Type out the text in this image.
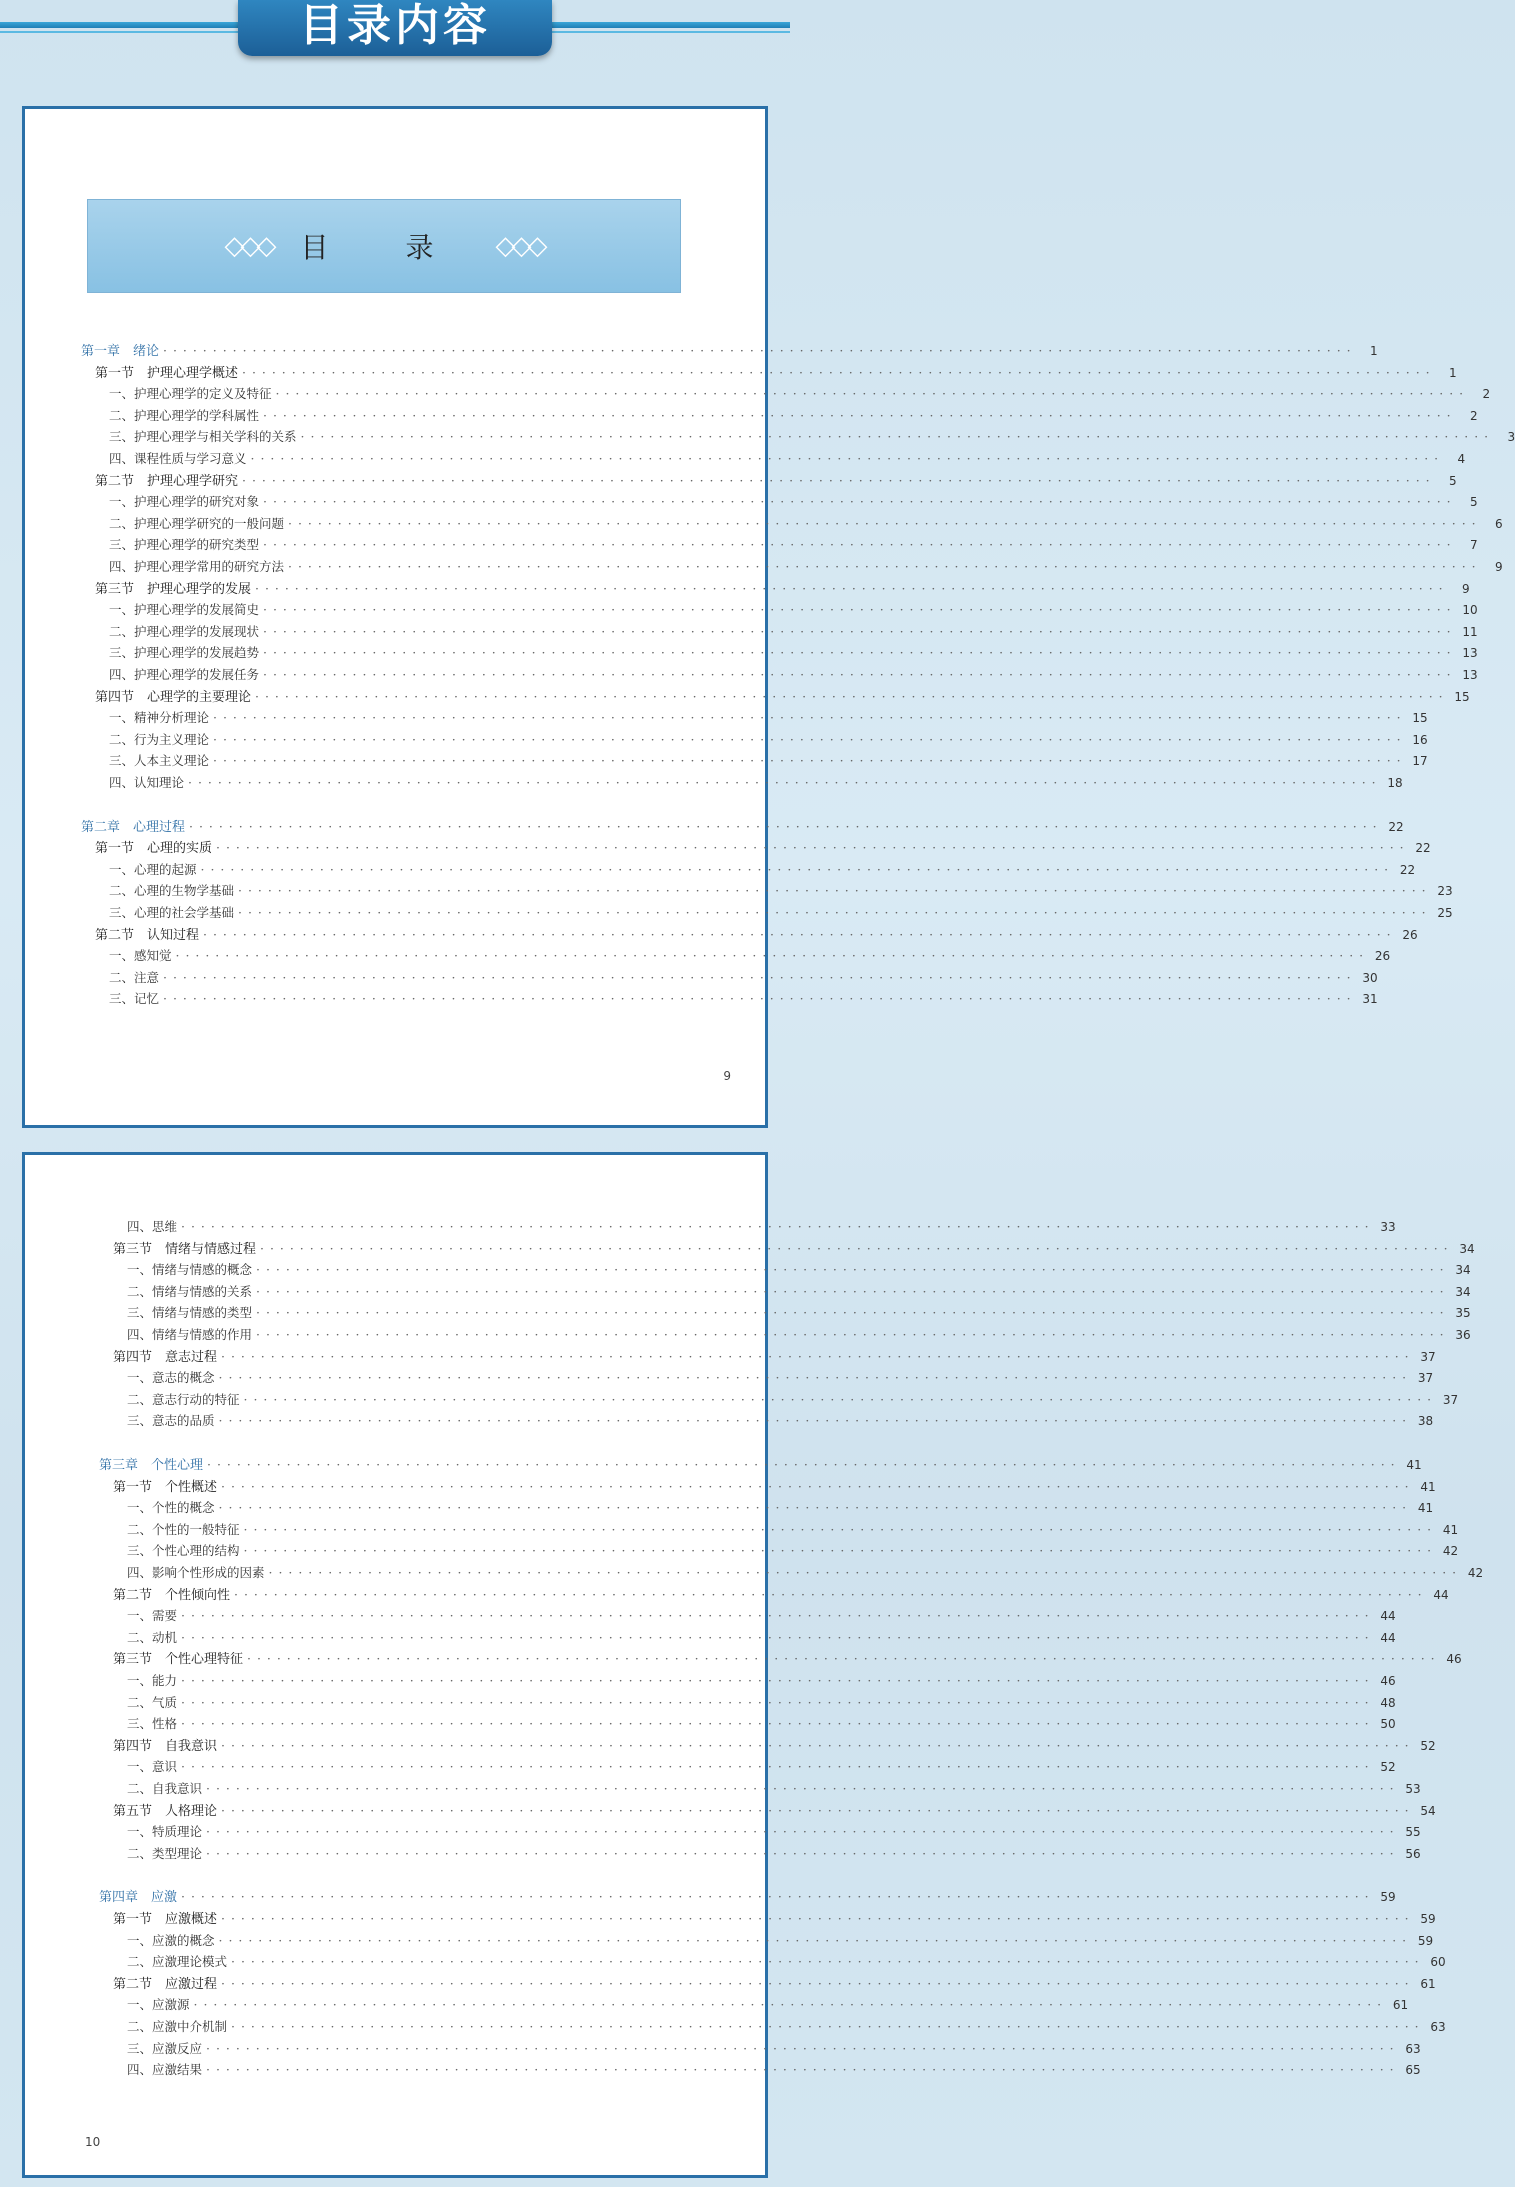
目录内容
◇◇◇ 目 录 ◇◇◇
第一章　绪论 · · · · · · · · · · · · · · · · · · · · · · · · · · · · · · · · · · · · · · · · · · · · · · · · · · · · · · · · · · · · · · · · · · · · · · · · · · · · · · · · · · · · · · · · · · · · · · · · · · · · · · · · · · · · · · · · · · · · · · · ·	1
第一节　护理心理学概述 · · · · · · · · · · · · · · · · · · · · · · · · · · · · · · · · · · · · · · · · · · · · · · · · · · · · · · · · · · · · · · · · · · · · · · · · · · · · · · · · · · · · · · · · · · · · · · · · · · · · · · · · · · · · · · · · · · · · · · · ·	1
一、护理心理学的定义及特征 · · · · · · · · · · · · · · · · · · · · · · · · · · · · · · · · · · · · · · · · · · · · · · · · · · · · · · · · · · · · · · · · · · · · · · · · · · · · · · · · · · · · · · · · · · · · · · · · · · · · · · · · · · · · · · · · · · · · · · · ·	2
二、护理心理学的学科属性 · · · · · · · · · · · · · · · · · · · · · · · · · · · · · · · · · · · · · · · · · · · · · · · · · · · · · · · · · · · · · · · · · · · · · · · · · · · · · · · · · · · · · · · · · · · · · · · · · · · · · · · · · · · · · · · · · · · · · · · ·	2
三、护理心理学与相关学科的关系 · · · · · · · · · · · · · · · · · · · · · · · · · · · · · · · · · · · · · · · · · · · · · · · · · · · · · · · · · · · · · · · · · · · · · · · · · · · · · · · · · · · · · · · · · · · · · · · · · · · · · · · · · · · · · · · · · · · · · · · ·	3
四、课程性质与学习意义 · · · · · · · · · · · · · · · · · · · · · · · · · · · · · · · · · · · · · · · · · · · · · · · · · · · · · · · · · · · · · · · · · · · · · · · · · · · · · · · · · · · · · · · · · · · · · · · · · · · · · · · · · · · · · · · · · · · · · · · ·	4
第二节　护理心理学研究 · · · · · · · · · · · · · · · · · · · · · · · · · · · · · · · · · · · · · · · · · · · · · · · · · · · · · · · · · · · · · · · · · · · · · · · · · · · · · · · · · · · · · · · · · · · · · · · · · · · · · · · · · · · · · · · · · · · · · · · ·	5
一、护理心理学的研究对象 · · · · · · · · · · · · · · · · · · · · · · · · · · · · · · · · · · · · · · · · · · · · · · · · · · · · · · · · · · · · · · · · · · · · · · · · · · · · · · · · · · · · · · · · · · · · · · · · · · · · · · · · · · · · · · · · · · · · · · · ·	5
二、护理心理学研究的一般问题 · · · · · · · · · · · · · · · · · · · · · · · · · · · · · · · · · · · · · · · · · · · · · · · · · · · · · · · · · · · · · · · · · · · · · · · · · · · · · · · · · · · · · · · · · · · · · · · · · · · · · · · · · · · · · · · · · · · · · · · ·	6
三、护理心理学的研究类型 · · · · · · · · · · · · · · · · · · · · · · · · · · · · · · · · · · · · · · · · · · · · · · · · · · · · · · · · · · · · · · · · · · · · · · · · · · · · · · · · · · · · · · · · · · · · · · · · · · · · · · · · · · · · · · · · · · · · · · · ·	7
四、护理心理学常用的研究方法 · · · · · · · · · · · · · · · · · · · · · · · · · · · · · · · · · · · · · · · · · · · · · · · · · · · · · · · · · · · · · · · · · · · · · · · · · · · · · · · · · · · · · · · · · · · · · · · · · · · · · · · · · · · · · · · · · · · · · · · ·	9
第三节　护理心理学的发展 · · · · · · · · · · · · · · · · · · · · · · · · · · · · · · · · · · · · · · · · · · · · · · · · · · · · · · · · · · · · · · · · · · · · · · · · · · · · · · · · · · · · · · · · · · · · · · · · · · · · · · · · · · · · · · · · · · · · · · · ·	9
一、护理心理学的发展简史 · · · · · · · · · · · · · · · · · · · · · · · · · · · · · · · · · · · · · · · · · · · · · · · · · · · · · · · · · · · · · · · · · · · · · · · · · · · · · · · · · · · · · · · · · · · · · · · · · · · · · · · · · · · · · · · · · · · · · · · · 10
二、护理心理学的发展现状 · · · · · · · · · · · · · · · · · · · · · · · · · · · · · · · · · · · · · · · · · · · · · · · · · · · · · · · · · · · · · · · · · · · · · · · · · · · · · · · · · · · · · · · · · · · · · · · · · · · · · · · · · · · · · · · · · · · · · · · · 11
三、护理心理学的发展趋势 · · · · · · · · · · · · · · · · · · · · · · · · · · · · · · · · · · · · · · · · · · · · · · · · · · · · · · · · · · · · · · · · · · · · · · · · · · · · · · · · · · · · · · · · · · · · · · · · · · · · · · · · · · · · · · · · · · · · · · · · 13
四、护理心理学的发展任务 · · · · · · · · · · · · · · · · · · · · · · · · · · · · · · · · · · · · · · · · · · · · · · · · · · · · · · · · · · · · · · · · · · · · · · · · · · · · · · · · · · · · · · · · · · · · · · · · · · · · · · · · · · · · · · · · · · · · · · · · 13
第四节　心理学的主要理论 · · · · · · · · · · · · · · · · · · · · · · · · · · · · · · · · · · · · · · · · · · · · · · · · · · · · · · · · · · · · · · · · · · · · · · · · · · · · · · · · · · · · · · · · · · · · · · · · · · · · · · · · · · · · · · · · · · · · · · · · 15
一、精神分析理论 · · · · · · · · · · · · · · · · · · · · · · · · · · · · · · · · · · · · · · · · · · · · · · · · · · · · · · · · · · · · · · · · · · · · · · · · · · · · · · · · · · · · · · · · · · · · · · · · · · · · · · · · · · · · · · · · · · · · · · · · 15
二、行为主义理论 · · · · · · · · · · · · · · · · · · · · · · · · · · · · · · · · · · · · · · · · · · · · · · · · · · · · · · · · · · · · · · · · · · · · · · · · · · · · · · · · · · · · · · · · · · · · · · · · · · · · · · · · · · · · · · · · · · · · · · · · 16
三、人本主义理论 · · · · · · · · · · · · · · · · · · · · · · · · · · · · · · · · · · · · · · · · · · · · · · · · · · · · · · · · · · · · · · · · · · · · · · · · · · · · · · · · · · · · · · · · · · · · · · · · · · · · · · · · · · · · · · · · · · · · · · · · 17
四、认知理论 · · · · · · · · · · · · · · · · · · · · · · · · · · · · · · · · · · · · · · · · · · · · · · · · · · · · · · · · · · · · · · · · · · · · · · · · · · · · · · · · · · · · · · · · · · · · · · · · · · · · · · · · · · · · · · · · · · · · · · · · 18
第二章　心理过程 · · · · · · · · · · · · · · · · · · · · · · · · · · · · · · · · · · · · · · · · · · · · · · · · · · · · · · · · · · · · · · · · · · · · · · · · · · · · · · · · · · · · · · · · · · · · · · · · · · · · · · · · · · · · · · · · · · · · · · · · 22
第一节　心理的实质 · · · · · · · · · · · · · · · · · · · · · · · · · · · · · · · · · · · · · · · · · · · · · · · · · · · · · · · · · · · · · · · · · · · · · · · · · · · · · · · · · · · · · · · · · · · · · · · · · · · · · · · · · · · · · · · · · · · · · · · · 22
一、心理的起源 · · · · · · · · · · · · · · · · · · · · · · · · · · · · · · · · · · · · · · · · · · · · · · · · · · · · · · · · · · · · · · · · · · · · · · · · · · · · · · · · · · · · · · · · · · · · · · · · · · · · · · · · · · · · · · · · · · · · · · · · 22
二、心理的生物学基础 · · · · · · · · · · · · · · · · · · · · · · · · · · · · · · · · · · · · · · · · · · · · · · · · · · · · · · · · · · · · · · · · · · · · · · · · · · · · · · · · · · · · · · · · · · · · · · · · · · · · · · · · · · · · · · · · · · · · · · · · 23
三、心理的社会学基础 · · · · · · · · · · · · · · · · · · · · · · · · · · · · · · · · · · · · · · · · · · · · · · · · · · · · · · · · · · · · · · · · · · · · · · · · · · · · · · · · · · · · · · · · · · · · · · · · · · · · · · · · · · · · · · · · · · · · · · · · 25
第二节　认知过程 · · · · · · · · · · · · · · · · · · · · · · · · · · · · · · · · · · · · · · · · · · · · · · · · · · · · · · · · · · · · · · · · · · · · · · · · · · · · · · · · · · · · · · · · · · · · · · · · · · · · · · · · · · · · · · · · · · · · · · · · 26
一、感知觉 · · · · · · · · · · · · · · · · · · · · · · · · · · · · · · · · · · · · · · · · · · · · · · · · · · · · · · · · · · · · · · · · · · · · · · · · · · · · · · · · · · · · · · · · · · · · · · · · · · · · · · · · · · · · · · · · · · · · · · · · 26
二、注意 · · · · · · · · · · · · · · · · · · · · · · · · · · · · · · · · · · · · · · · · · · · · · · · · · · · · · · · · · · · · · · · · · · · · · · · · · · · · · · · · · · · · · · · · · · · · · · · · · · · · · · · · · · · · · · · · · · · · · · · · 30
三、记忆 · · · · · · · · · · · · · · · · · · · · · · · · · · · · · · · · · · · · · · · · · · · · · · · · · · · · · · · · · · · · · · · · · · · · · · · · · · · · · · · · · · · · · · · · · · · · · · · · · · · · · · · · · · · · · · · · · · · · · · · · 31
9
四、思维 · · · · · · · · · · · · · · · · · · · · · · · · · · · · · · · · · · · · · · · · · · · · · · · · · · · · · · · · · · · · · · · · · · · · · · · · · · · · · · · · · · · · · · · · · · · · · · · · · · · · · · · · · · · · · · · · · · · · · · · · 33
第三节　情绪与情感过程 · · · · · · · · · · · · · · · · · · · · · · · · · · · · · · · · · · · · · · · · · · · · · · · · · · · · · · · · · · · · · · · · · · · · · · · · · · · · · · · · · · · · · · · · · · · · · · · · · · · · · · · · · · · · · · · · · · · · · · · · 34
一、情绪与情感的概念 · · · · · · · · · · · · · · · · · · · · · · · · · · · · · · · · · · · · · · · · · · · · · · · · · · · · · · · · · · · · · · · · · · · · · · · · · · · · · · · · · · · · · · · · · · · · · · · · · · · · · · · · · · · · · · · · · · · · · · · · 34
二、情绪与情感的关系 · · · · · · · · · · · · · · · · · · · · · · · · · · · · · · · · · · · · · · · · · · · · · · · · · · · · · · · · · · · · · · · · · · · · · · · · · · · · · · · · · · · · · · · · · · · · · · · · · · · · · · · · · · · · · · · · · · · · · · · · 34
三、情绪与情感的类型 · · · · · · · · · · · · · · · · · · · · · · · · · · · · · · · · · · · · · · · · · · · · · · · · · · · · · · · · · · · · · · · · · · · · · · · · · · · · · · · · · · · · · · · · · · · · · · · · · · · · · · · · · · · · · · · · · · · · · · · · 35
四、情绪与情感的作用 · · · · · · · · · · · · · · · · · · · · · · · · · · · · · · · · · · · · · · · · · · · · · · · · · · · · · · · · · · · · · · · · · · · · · · · · · · · · · · · · · · · · · · · · · · · · · · · · · · · · · · · · · · · · · · · · · · · · · · · · 36
第四节　意志过程 · · · · · · · · · · · · · · · · · · · · · · · · · · · · · · · · · · · · · · · · · · · · · · · · · · · · · · · · · · · · · · · · · · · · · · · · · · · · · · · · · · · · · · · · · · · · · · · · · · · · · · · · · · · · · · · · · · · · · · · · 37
一、意志的概念 · · · · · · · · · · · · · · · · · · · · · · · · · · · · · · · · · · · · · · · · · · · · · · · · · · · · · · · · · · · · · · · · · · · · · · · · · · · · · · · · · · · · · · · · · · · · · · · · · · · · · · · · · · · · · · · · · · · · · · · · 37
二、意志行动的特征 · · · · · · · · · · · · · · · · · · · · · · · · · · · · · · · · · · · · · · · · · · · · · · · · · · · · · · · · · · · · · · · · · · · · · · · · · · · · · · · · · · · · · · · · · · · · · · · · · · · · · · · · · · · · · · · · · · · · · · · · 37
三、意志的品质 · · · · · · · · · · · · · · · · · · · · · · · · · · · · · · · · · · · · · · · · · · · · · · · · · · · · · · · · · · · · · · · · · · · · · · · · · · · · · · · · · · · · · · · · · · · · · · · · · · · · · · · · · · · · · · · · · · · · · · · · 38
第三章　个性心理 · · · · · · · · · · · · · · · · · · · · · · · · · · · · · · · · · · · · · · · · · · · · · · · · · · · · · · · · · · · · · · · · · · · · · · · · · · · · · · · · · · · · · · · · · · · · · · · · · · · · · · · · · · · · · · · · · · · · · · · · 41
第一节　个性概述 · · · · · · · · · · · · · · · · · · · · · · · · · · · · · · · · · · · · · · · · · · · · · · · · · · · · · · · · · · · · · · · · · · · · · · · · · · · · · · · · · · · · · · · · · · · · · · · · · · · · · · · · · · · · · · · · · · · · · · · · 41
一、个性的概念 · · · · · · · · · · · · · · · · · · · · · · · · · · · · · · · · · · · · · · · · · · · · · · · · · · · · · · · · · · · · · · · · · · · · · · · · · · · · · · · · · · · · · · · · · · · · · · · · · · · · · · · · · · · · · · · · · · · · · · · · 41
二、个性的一般特征 · · · · · · · · · · · · · · · · · · · · · · · · · · · · · · · · · · · · · · · · · · · · · · · · · · · · · · · · · · · · · · · · · · · · · · · · · · · · · · · · · · · · · · · · · · · · · · · · · · · · · · · · · · · · · · · · · · · · · · · · 41
三、个性心理的结构 · · · · · · · · · · · · · · · · · · · · · · · · · · · · · · · · · · · · · · · · · · · · · · · · · · · · · · · · · · · · · · · · · · · · · · · · · · · · · · · · · · · · · · · · · · · · · · · · · · · · · · · · · · · · · · · · · · · · · · · · 42
四、影响个性形成的因素 · · · · · · · · · · · · · · · · · · · · · · · · · · · · · · · · · · · · · · · · · · · · · · · · · · · · · · · · · · · · · · · · · · · · · · · · · · · · · · · · · · · · · · · · · · · · · · · · · · · · · · · · · · · · · · · · · · · · · · · · 42
第二节　个性倾向性 · · · · · · · · · · · · · · · · · · · · · · · · · · · · · · · · · · · · · · · · · · · · · · · · · · · · · · · · · · · · · · · · · · · · · · · · · · · · · · · · · · · · · · · · · · · · · · · · · · · · · · · · · · · · · · · · · · · · · · · · 44
一、需要 · · · · · · · · · · · · · · · · · · · · · · · · · · · · · · · · · · · · · · · · · · · · · · · · · · · · · · · · · · · · · · · · · · · · · · · · · · · · · · · · · · · · · · · · · · · · · · · · · · · · · · · · · · · · · · · · · · · · · · · · 44
二、动机 · · · · · · · · · · · · · · · · · · · · · · · · · · · · · · · · · · · · · · · · · · · · · · · · · · · · · · · · · · · · · · · · · · · · · · · · · · · · · · · · · · · · · · · · · · · · · · · · · · · · · · · · · · · · · · · · · · · · · · · · 44
第三节　个性心理特征 · · · · · · · · · · · · · · · · · · · · · · · · · · · · · · · · · · · · · · · · · · · · · · · · · · · · · · · · · · · · · · · · · · · · · · · · · · · · · · · · · · · · · · · · · · · · · · · · · · · · · · · · · · · · · · · · · · · · · · · · 46
一、能力 · · · · · · · · · · · · · · · · · · · · · · · · · · · · · · · · · · · · · · · · · · · · · · · · · · · · · · · · · · · · · · · · · · · · · · · · · · · · · · · · · · · · · · · · · · · · · · · · · · · · · · · · · · · · · · · · · · · · · · · · 46
二、气质 · · · · · · · · · · · · · · · · · · · · · · · · · · · · · · · · · · · · · · · · · · · · · · · · · · · · · · · · · · · · · · · · · · · · · · · · · · · · · · · · · · · · · · · · · · · · · · · · · · · · · · · · · · · · · · · · · · · · · · · · 48
三、性格 · · · · · · · · · · · · · · · · · · · · · · · · · · · · · · · · · · · · · · · · · · · · · · · · · · · · · · · · · · · · · · · · · · · · · · · · · · · · · · · · · · · · · · · · · · · · · · · · · · · · · · · · · · · · · · · · · · · · · · · · 50
第四节　自我意识 · · · · · · · · · · · · · · · · · · · · · · · · · · · · · · · · · · · · · · · · · · · · · · · · · · · · · · · · · · · · · · · · · · · · · · · · · · · · · · · · · · · · · · · · · · · · · · · · · · · · · · · · · · · · · · · · · · · · · · · · 52
一、意识 · · · · · · · · · · · · · · · · · · · · · · · · · · · · · · · · · · · · · · · · · · · · · · · · · · · · · · · · · · · · · · · · · · · · · · · · · · · · · · · · · · · · · · · · · · · · · · · · · · · · · · · · · · · · · · · · · · · · · · · · 52
二、自我意识 · · · · · · · · · · · · · · · · · · · · · · · · · · · · · · · · · · · · · · · · · · · · · · · · · · · · · · · · · · · · · · · · · · · · · · · · · · · · · · · · · · · · · · · · · · · · · · · · · · · · · · · · · · · · · · · · · · · · · · · · 53
第五节　人格理论 · · · · · · · · · · · · · · · · · · · · · · · · · · · · · · · · · · · · · · · · · · · · · · · · · · · · · · · · · · · · · · · · · · · · · · · · · · · · · · · · · · · · · · · · · · · · · · · · · · · · · · · · · · · · · · · · · · · · · · · · 54
一、特质理论 · · · · · · · · · · · · · · · · · · · · · · · · · · · · · · · · · · · · · · · · · · · · · · · · · · · · · · · · · · · · · · · · · · · · · · · · · · · · · · · · · · · · · · · · · · · · · · · · · · · · · · · · · · · · · · · · · · · · · · · · 55
二、类型理论 · · · · · · · · · · · · · · · · · · · · · · · · · · · · · · · · · · · · · · · · · · · · · · · · · · · · · · · · · · · · · · · · · · · · · · · · · · · · · · · · · · · · · · · · · · · · · · · · · · · · · · · · · · · · · · · · · · · · · · · · 56
第四章　应激 · · · · · · · · · · · · · · · · · · · · · · · · · · · · · · · · · · · · · · · · · · · · · · · · · · · · · · · · · · · · · · · · · · · · · · · · · · · · · · · · · · · · · · · · · · · · · · · · · · · · · · · · · · · · · · · · · · · · · · · · 59
第一节　应激概述 · · · · · · · · · · · · · · · · · · · · · · · · · · · · · · · · · · · · · · · · · · · · · · · · · · · · · · · · · · · · · · · · · · · · · · · · · · · · · · · · · · · · · · · · · · · · · · · · · · · · · · · · · · · · · · · · · · · · · · · · 59
一、应激的概念 · · · · · · · · · · · · · · · · · · · · · · · · · · · · · · · · · · · · · · · · · · · · · · · · · · · · · · · · · · · · · · · · · · · · · · · · · · · · · · · · · · · · · · · · · · · · · · · · · · · · · · · · · · · · · · · · · · · · · · · · 59
二、应激理论模式 · · · · · · · · · · · · · · · · · · · · · · · · · · · · · · · · · · · · · · · · · · · · · · · · · · · · · · · · · · · · · · · · · · · · · · · · · · · · · · · · · · · · · · · · · · · · · · · · · · · · · · · · · · · · · · · · · · · · · · · · 60
第二节　应激过程 · · · · · · · · · · · · · · · · · · · · · · · · · · · · · · · · · · · · · · · · · · · · · · · · · · · · · · · · · · · · · · · · · · · · · · · · · · · · · · · · · · · · · · · · · · · · · · · · · · · · · · · · · · · · · · · · · · · · · · · · 61
一、应激源 · · · · · · · · · · · · · · · · · · · · · · · · · · · · · · · · · · · · · · · · · · · · · · · · · · · · · · · · · · · · · · · · · · · · · · · · · · · · · · · · · · · · · · · · · · · · · · · · · · · · · · · · · · · · · · · · · · · · · · · · 61
二、应激中介机制 · · · · · · · · · · · · · · · · · · · · · · · · · · · · · · · · · · · · · · · · · · · · · · · · · · · · · · · · · · · · · · · · · · · · · · · · · · · · · · · · · · · · · · · · · · · · · · · · · · · · · · · · · · · · · · · · · · · · · · · · 63
三、应激反应 · · · · · · · · · · · · · · · · · · · · · · · · · · · · · · · · · · · · · · · · · · · · · · · · · · · · · · · · · · · · · · · · · · · · · · · · · · · · · · · · · · · · · · · · · · · · · · · · · · · · · · · · · · · · · · · · · · · · · · · · 63
四、应激结果 · · · · · · · · · · · · · · · · · · · · · · · · · · · · · · · · · · · · · · · · · · · · · · · · · · · · · · · · · · · · · · · · · · · · · · · · · · · · · · · · · · · · · · · · · · · · · · · · · · · · · · · · · · · · · · · · · · · · · · · · 65
10
